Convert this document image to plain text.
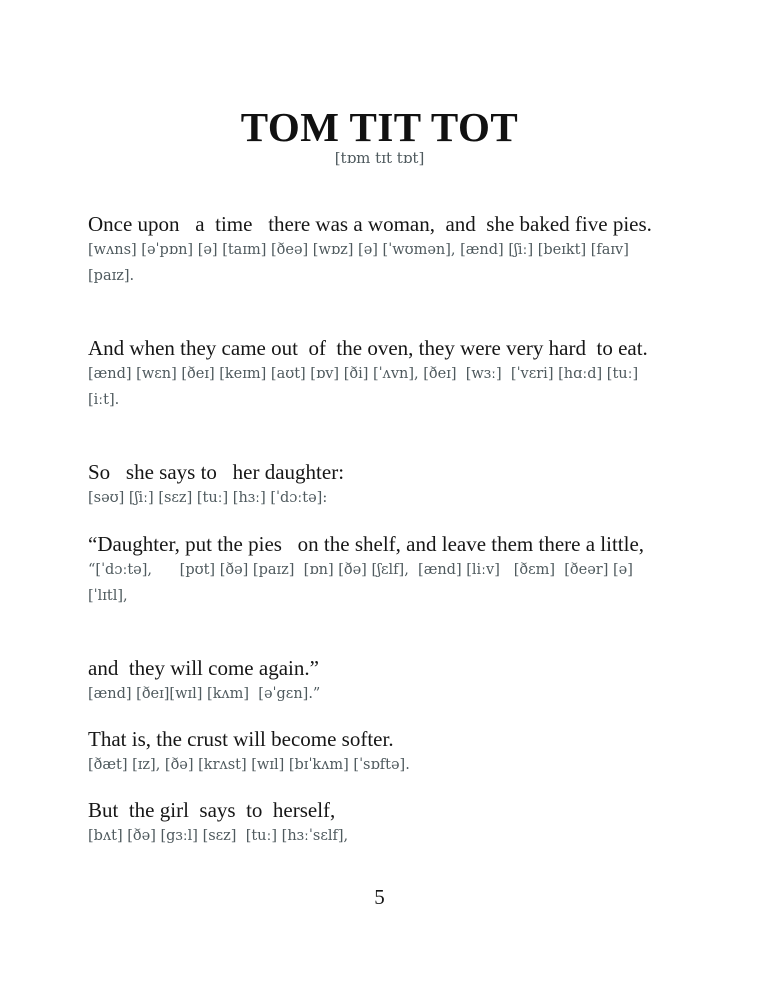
TOM TIT TOT
[tɒm tɪt tɒt]

Once upon   a  time   there was a woman,  and  she baked five pies.

[wʌns] [əˈpɒn] [ə] [taɪm] [ðeə] [wɒz] [ə] [ˈwʊmən], [ænd] [ʃiː] [beɪkt] [faɪv] [paɪz].

And when they came out  of  the oven, they were very hard  to eat.

[ænd] [wɛn] [ðeɪ] [keɪm] [aʊt] [ɒv] [ði] [ˈʌvn], [ðeɪ]  [wɜː]  [ˈvɛri] [hɑːd] [tuː] [iːt].

So   she says to   her daughter:

[səʊ] [ʃiː] [sɛz] [tuː] [hɜː] [ˈdɔːtə]:

“Daughter, put the pies   on the shelf, and leave them there a little,

“[ˈdɔːtə],      [pʊt] [ðə] [paɪz]  [ɒn] [ðə] [ʃɛlf],  [ænd] [liːv]   [ðɛm]  [ðeər] [ə] [ˈlɪtl],

and  they will come again.”

[ænd] [ðeɪ][wɪl] [kʌm]  [əˈgɛn].”

That is, the crust will become softer.

[ðæt] [ɪz], [ðə] [krʌst] [wɪl] [bɪˈkʌm] [ˈsɒftə].

But  the girl  says  to  herself,

[bʌt] [ðə] [gɜːl] [sɛz]  [tuː] [hɜːˈsɛlf],

5
